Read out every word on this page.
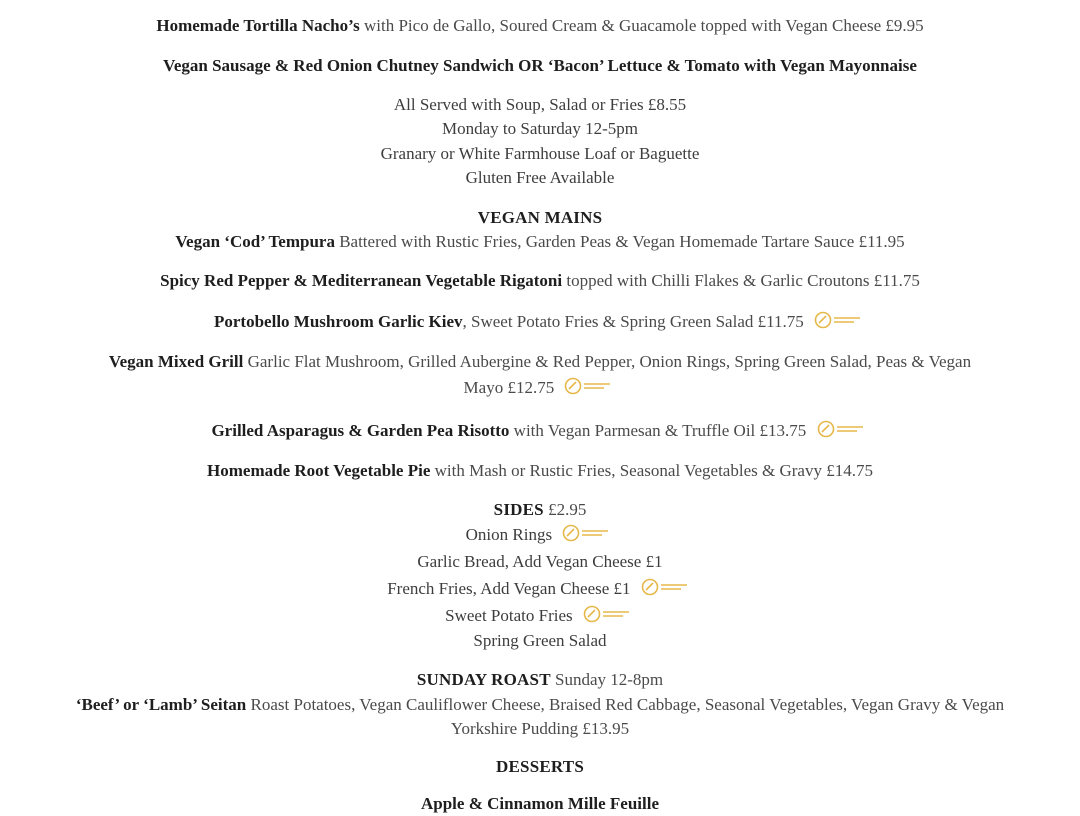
Homemade Tortilla Nacho’s with Pico de Gallo, Soured Cream & Guacamole topped with Vegan Cheese £9.95
Vegan Sausage & Red Onion Chutney Sandwich OR ‘Bacon’ Lettuce & Tomato with Vegan Mayonnaise
All Served with Soup, Salad or Fries £8.55
Monday to Saturday 12-5pm
Granary or White Farmhouse Loaf or Baguette
Gluten Free Available
VEGAN MAINS
Vegan ‘Cod’ Tempura Battered with Rustic Fries, Garden Peas & Vegan Homemade Tartare Sauce £11.95
Spicy Red Pepper & Mediterranean Vegetable Rigatoni topped with Chilli Flakes & Garlic Croutons £11.75
Portobello Mushroom Garlic Kiev, Sweet Potato Fries & Spring Green Salad £11.75
Vegan Mixed Grill Garlic Flat Mushroom, Grilled Aubergine & Red Pepper, Onion Rings, Spring Green Salad, Peas & Vegan
Mayo £12.75
Grilled Asparagus & Garden Pea Risotto with Vegan Parmesan & Truffle Oil £13.75
Homemade Root Vegetable Pie with Mash or Rustic Fries, Seasonal Vegetables & Gravy £14.75
SIDES £2.95
Onion Rings
Garlic Bread, Add Vegan Cheese £1
French Fries, Add Vegan Cheese £1
Sweet Potato Fries
Spring Green Salad
SUNDAY ROAST Sunday 12-8pm
‘Beef’ or ‘Lamb’ Seitan Roast Potatoes, Vegan Cauliflower Cheese, Braised Red Cabbage, Seasonal Vegetables, Vegan Gravy & Vegan
Yorkshire Pudding £13.95
DESSERTS
Apple & Cinnamon Mille Feuille
